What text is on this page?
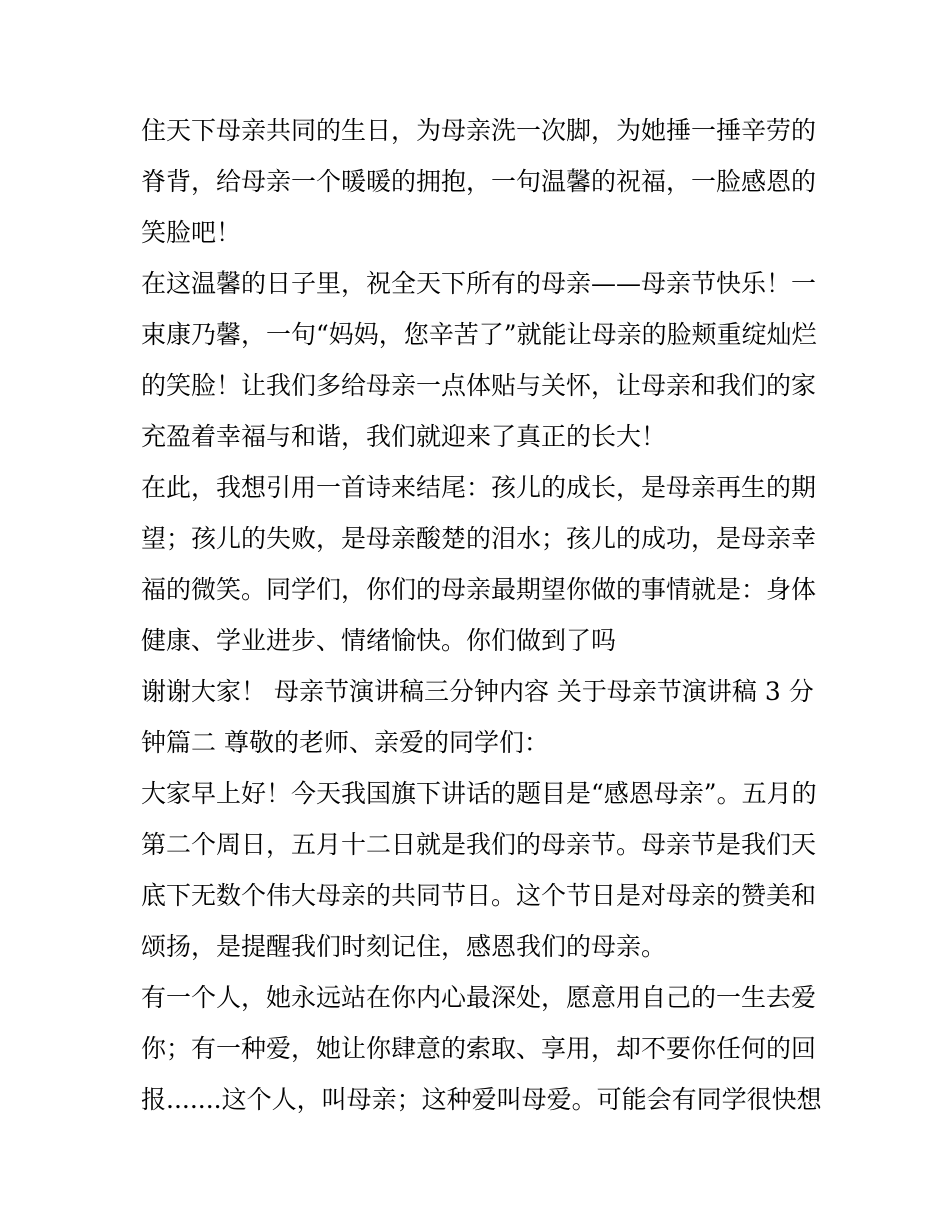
住天下母亲共同的生日，为母亲洗一次脚，为她捶一捶辛劳的
脊背，给母亲一个暖暖的拥抱，一句温馨的祝福，一脸感恩的
笑脸吧！
在这温馨的日子里，祝全天下所有的母亲——母亲节快乐！一
束康乃馨，一句“妈妈，您辛苦了”就能让母亲的脸颊重绽灿烂
的笑脸！让我们多给母亲一点体贴与关怀，让母亲和我们的家
充盈着幸福与和谐，我们就迎来了真正的长大！
在此，我想引用一首诗来结尾：孩儿的成长，是母亲再生的期
望；孩儿的失败，是母亲酸楚的泪水；孩儿的成功，是母亲幸
福的微笑。同学们，你们的母亲最期望你做的事情就是：身体
健康、学业进步、情绪愉快。你们做到了吗
谢谢大家！ 母亲节演讲稿三分钟内容 关于母亲节演讲稿 3 分
钟篇二 尊敬的老师、亲爱的同学们：
大家早上好！今天我国旗下讲话的题目是“感恩母亲”。五月的
第二个周日，五月十二日就是我们的母亲节。母亲节是我们天
底下无数个伟大母亲的共同节日。这个节日是对母亲的赞美和
颂扬，是提醒我们时刻记住，感恩我们的母亲。
有一个人，她永远站在你内心最深处，愿意用自己的一生去爱
你；有一种爱，她让你肆意的索取、享用，却不要你任何的回
报.......这个人，叫母亲；这种爱叫母爱。可能会有同学很快想
